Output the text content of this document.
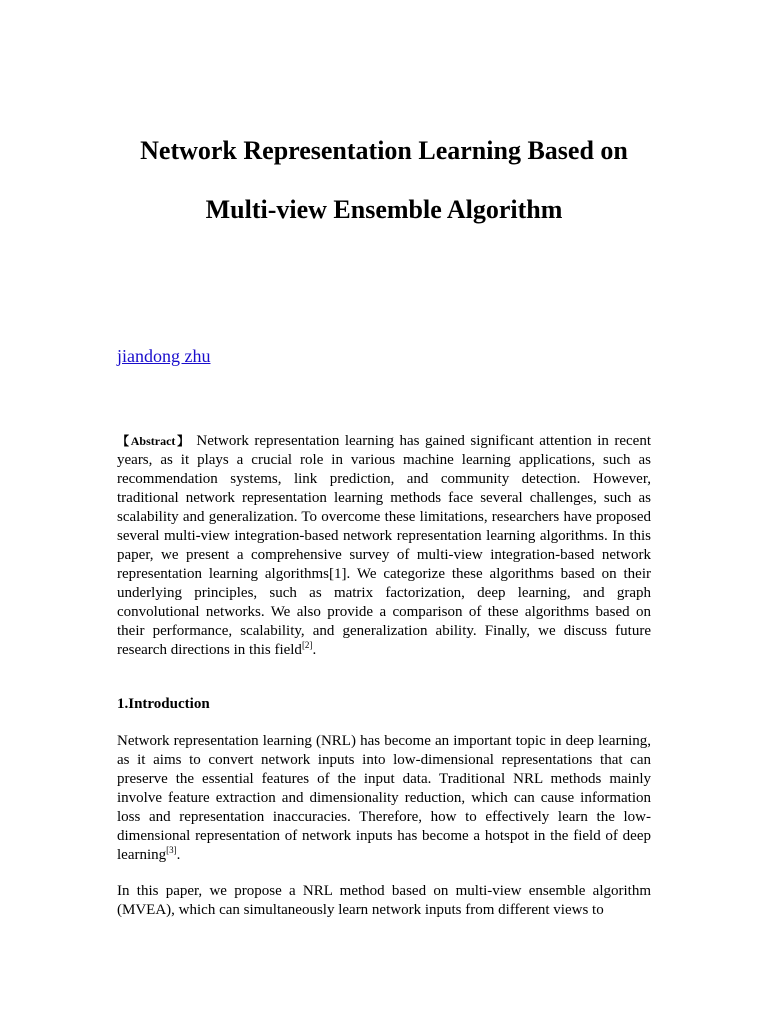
Network Representation Learning Based on
Multi-view Ensemble Algorithm
jiandong zhu

【Abstract】 Network representation learning has gained significant attention in recent years, as it plays a crucial role in various machine learning applications, such as recommendation systems, link prediction, and community detection. However, traditional network representation learning methods face several challenges, such as scalability and generalization. To overcome these limitations, researchers have proposed several multi-view integration-based network representation learning algorithms. In this paper, we present a comprehensive survey of multi-view integration-based network representation learning algorithms[1]. We categorize these algorithms based on their underlying principles, such as matrix factorization, deep learning, and graph convolutional networks. We also provide a comparison of these algorithms based on their performance, scalability, and generalization ability. Finally, we discuss future research directions in this field[2].

1.Introduction

Network representation learning (NRL) has become an important topic in deep learning, as it aims to convert network inputs into low-dimensional representations that can preserve the essential features of the input data. Traditional NRL methods mainly involve feature extraction and dimensionality reduction, which can cause information loss and representation inaccuracies. Therefore, how to effectively learn the low-dimensional representation of network inputs has become a hotspot in the field of deep learning[3].

In this paper, we propose a NRL method based on multi-view ensemble algorithm (MVEA), which can simultaneously learn network inputs from different views to
